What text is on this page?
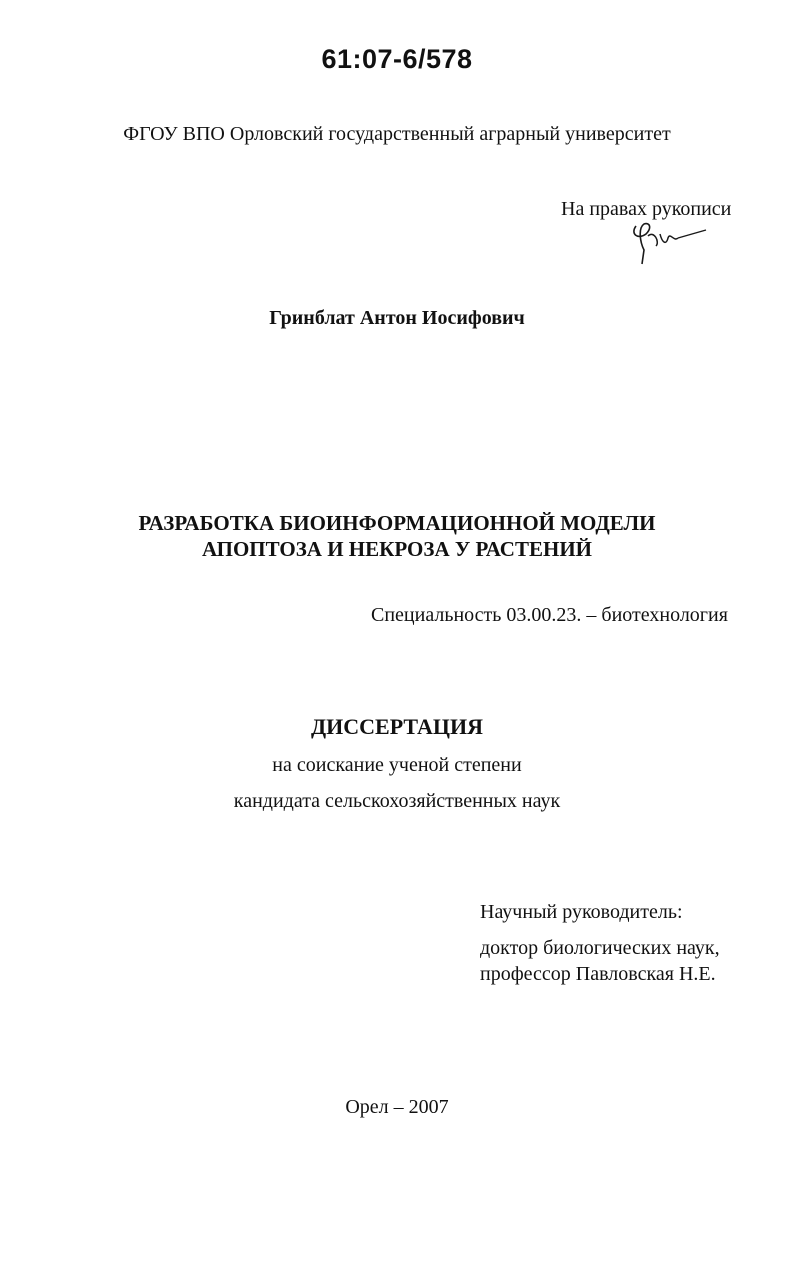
61:07-6/578
ФГОУ ВПО Орловский государственный аграрный университет
На правах рукописи
Гринблат Антон Иосифович
РАЗРАБОТКА БИОИНФОРМАЦИОННОЙ МОДЕЛИ
АПОПТОЗА И НЕКРОЗА У РАСТЕНИЙ
Специальность 03.00.23. – биотехнология
ДИССЕРТАЦИЯ
на соискание ученой степени
кандидата сельскохозяйственных наук
Научный руководитель:
доктор биологических наук,
профессор Павловская Н.Е.
Орел – 2007
